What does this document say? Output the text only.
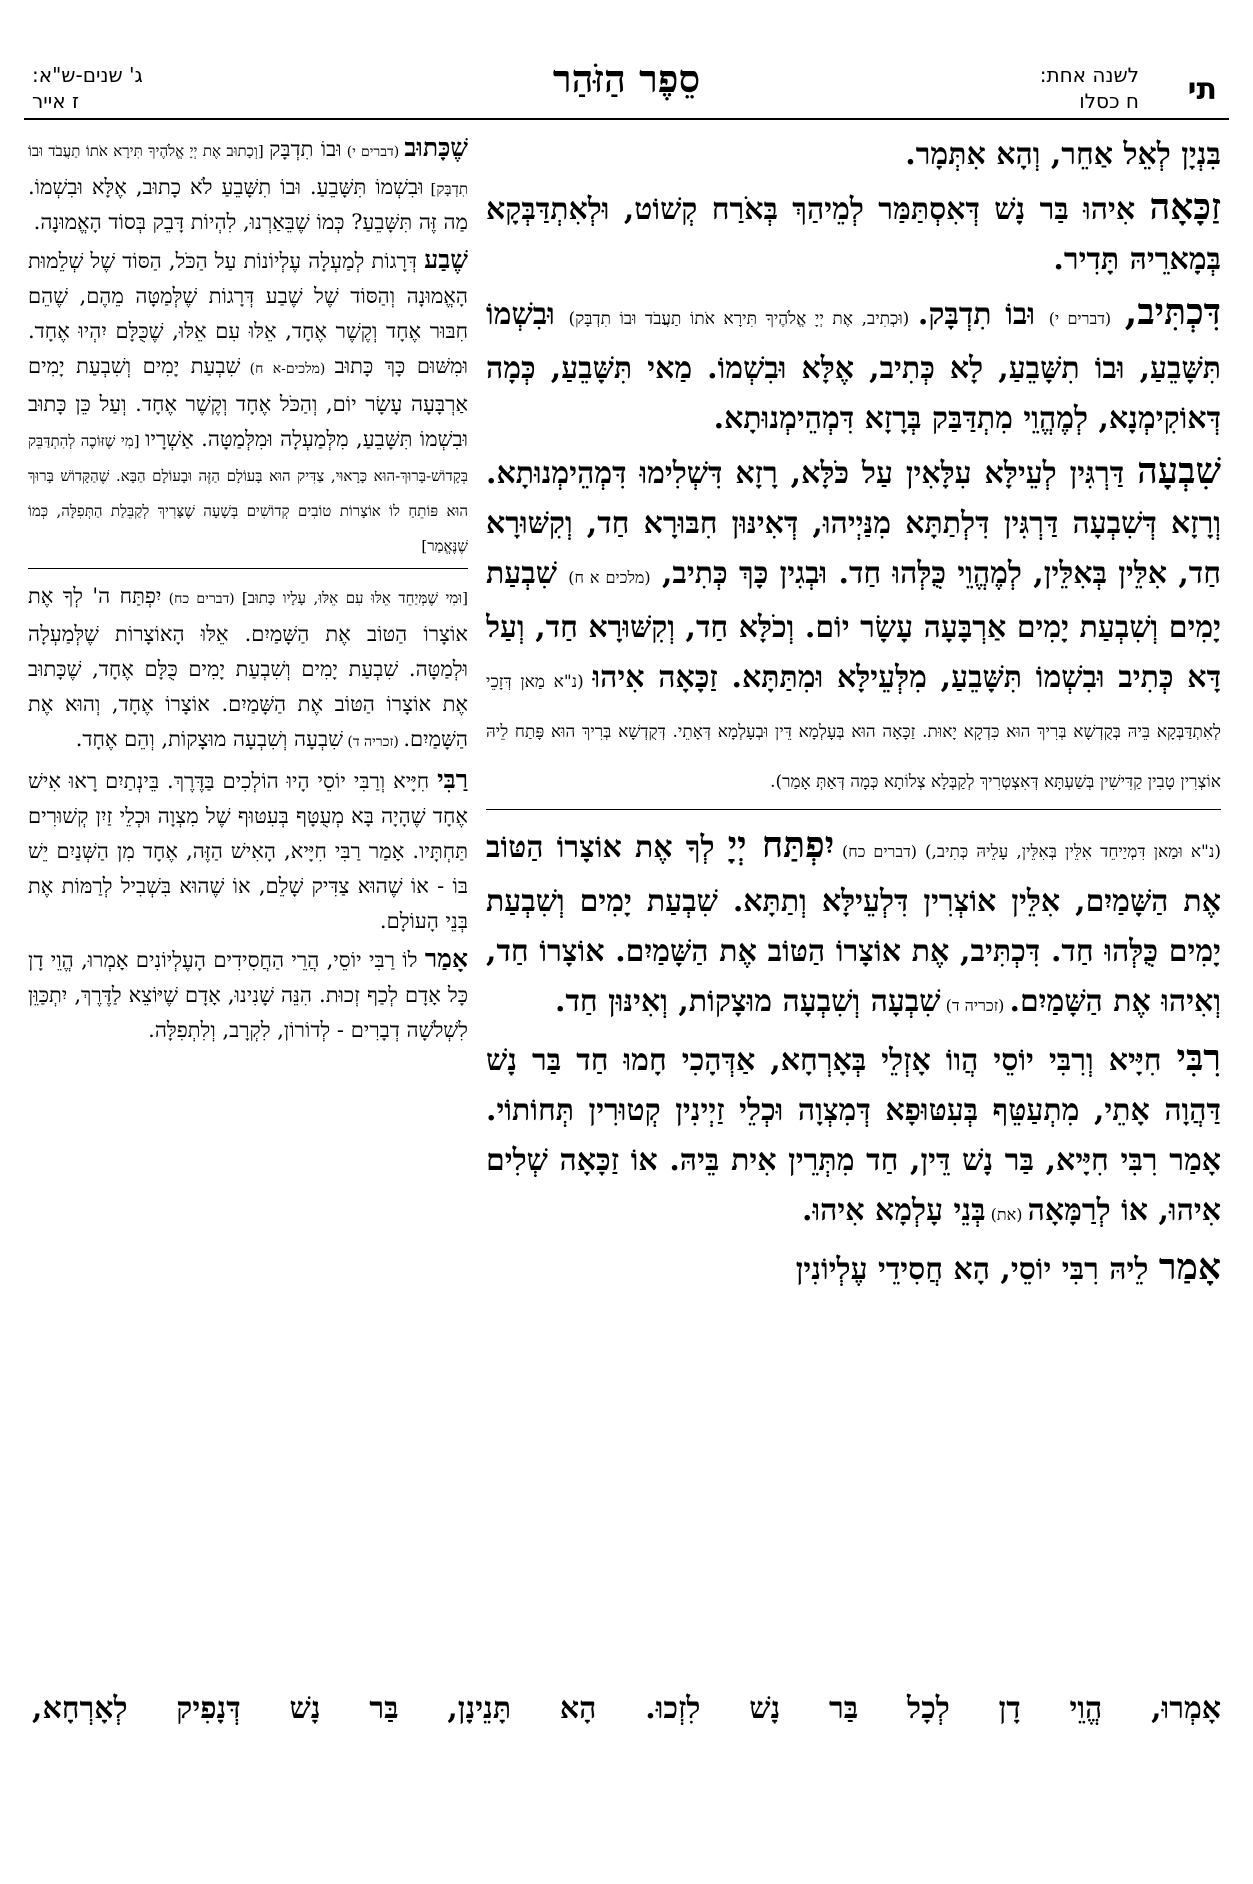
תי
לשנה אחת:
ח כסלו
סֵפֶר הַזֹּהַר
ג' שנים-ש"א:
ז אייר

בִּנְיָן לְאֵל אַחֵר, וְהָא אִתְּמָר.

זַכָּאָה אִיהוּ בַּר נָשׁ דְּאִסְתַּמַּר לְמֵיהַךְ בְּאֹרַח קְשׁוֹט, וּלְאִתְדַּבְּקָא בְּמָארֵיהּ תָּדִיר.

דִּכְתִּיב, (דברים י) וּבוֹ תִדְבָּק. (וּכְתִיב, אֶת יְיָ אֱלֹהֶיךָ תִּירָא אֹתוֹ תַעֲבֹד וּבוֹ תִדְבָּק) וּבִשְׁמוֹ תִּשָּׁבֵעַ, וּבוֹ תִשָּׁבֵעַ, לָא כְּתִיב, אֶלָּא וּבִשְׁמוֹ. מַאי תִּשָּׁבֵעַ, כְּמָה דְּאוֹקִימְנָא, לְמֶהֱוֵי מִתְדַּבַּק בְּרָזָא דִּמְהֵימְנוּתָא.

שִׁבְעָה דַּרְגִּין לְעֵילָּא עִלָּאִין עַל כֹּלָּא, רָזָא דִּשְׁלִימוּ דִּמְהֵימְנוּתָא. וְרָזָא דְּשִׁבְעָה דַּרְגִּין דִּלְתַתָּא מִנַּיְיהוּ, דְּאִינּוּן חִבּוּרָא חַד, וְקִשּׁוּרָא חַד, אִלֵּין בְּאִלֵּין, לְמֶהֱוֵי כֻּלְּהוּ חַד. וּבְגִין כָּךְ כְּתִיב, (מלכים א ח) שִׁבְעַת יָמִים וְשִׁבְעַת יָמִים אַרְבָּעָה עָשָׂר יוֹם. וְכֹלָּא חַד, וְקִשּׁוּרָא חַד, וְעַל דָּא כְּתִיב וּבִשְׁמוֹ תִּשָּׁבֵעַ, מִלְּעֵילָּא וּמִתַּתָּא. זַכָּאָה אִיהוּ (נ"א מַאן דְּזָכֵי לְאִתְדַּבְּקָא בֵּיהּ בְּקֻדְשָׁא בְּרִיךְ הוּא כִּדְקָא יָאוּת. זַכָּאָה הוּא בְּעָלְמָא דֵּין וּבְעָלְמָא דְּאָתֵי. דְּקֻדְשָׁא בְּרִיךְ הוּא פָּתַח לֵיהּ אוֹצְרִין טָבִין קַדִּישִׁין בְּשַׁעְתָּא דְּאִצְטְרִיךְ לְקַבְּלָא צְלוֹתָא כְּמָה דְּאַתְּ אָמַר).

(נ"א וּמַאן דִּמְיַיחֵד אִלֵּין בְּאִלֵּין, עָלֵיהּ כְּתִיב,) (דברים כח) יִפְתַּח יְיָ לְךָ אֶת אוֹצָרוֹ הַטּוֹב אֶת הַשָּׁמַיִם, אִלֵּין אוֹצְרִין דִּלְעֵילָּא וְתַתָּא. שִׁבְעַת יָמִים וְשִׁבְעַת יָמִים כֻּלְּהוּ חַד. דִּכְתִּיב, אֶת אוֹצָרוֹ הַטּוֹב אֶת הַשָּׁמַיִם. אוֹצָרוֹ חַד, וְאִיהוּ אֶת הַשָּׁמַיִם. (זכריה ד) שִׁבְעָה וְשִׁבְעָה מוּצָקוֹת, וְאִינּוּן חַד.

רִבִּי חִיָּיא וְרִבִּי יוֹסֵי הֲווֹ אָזְלֵי בְּאָרְחָא, אַדְּהָכִי חָמוּ חַד בַּר נָשׁ דַּהֲוָה אָתֵי, מִתְעַטֵּף בְּעִטּוּפָא דְּמִצְוָה וּכְלֵי זַיְינִין קְטוּרִין תְּחוֹתוֹי. אָמַר רִבִּי חִיָּיא, בַּר נָשׁ דֵּין, חַד מִתְּרֵין אִית בֵּיהּ. אוֹ זַכָּאָה שְׁלִים אִיהוּ, אוֹ לְרַמָּאָה (את) בְּנֵי עָלְמָא אִיהוּ.

אָמַר לֵיהּ רִבִּי יוֹסֵי, הָא חֲסִידֵי עֶלְיוֹנִין

שֶׁכָּתוּב (דברים י) וּבוֹ תִדְבָּק [וְכָתוּב אֶת יְיָ אֱלֹהֶיךָ תִּירָא אֹתוֹ תַעֲבֹד וּבוֹ תִדְבָּק] וּבִשְׁמוֹ תִּשָּׁבֵעַ. וּבוֹ תִשָּׁבֵעַ לֹא כָתוּב, אֶלָּא וּבִשְׁמוֹ. מַה זֶּה תִּשָּׁבֵעַ? כְּמוֹ שֶׁבֵּאַרְנוּ, לִהְיוֹת דָּבֵק בְּסוֹד הָאֱמוּנָה.

שֶׁבַע דְּרָגוֹת לְמַעְלָה עֶלְיוֹנוֹת עַל הַכֹּל, הַסּוֹד שֶׁל שְׁלֵמוּת הָאֱמוּנָה וְהַסּוֹד שֶׁל שֶׁבַע דְּרָגוֹת שֶׁלְּמַטָּה מֵהֶם, שֶׁהֵם חִבּוּר אֶחָד וְקֶשֶׁר אֶחָד, אֵלּוּ עִם אֵלּוּ, שֶׁכֻּלָּם יִהְיוּ אֶחָד. וּמִשּׁוּם כָּךְ כָּתוּב (מלכים-א ח) שִׁבְעַת יָמִים וְשִׁבְעַת יָמִים אַרְבָּעָה עָשָׂר יוֹם, וְהַכֹּל אֶחָד וְקֶשֶׁר אֶחָד. וְעַל כֵּן כָּתוּב וּבִשְׁמוֹ תִּשָּׁבֵעַ, מִלְּמַעְלָה וּמִלְּמַטָּה. אַשְׁרָיו [מִי שֶׁזּוֹכֶה לְהִתְדַּבֵּק בְּקָדוֹשׁ-בָּרוּךְ-הוּא כָּרָאוּי, צַדִּיק הוּא בָּעוֹלָם הַזֶּה וּבָעוֹלָם הַבָּא. שֶׁהַקָּדוֹשׁ בָּרוּךְ הוּא פּוֹתֵחַ לוֹ אוֹצָרוֹת טוֹבִים קְדוֹשִׁים בְּשָׁעָה שֶׁצָּרִיךְ לְקַבֵּלַת הַתְּפִלָּה, כְּמוֹ שֶׁנֶּאֱמַר]

[וּמִי שֶׁמְּיַחֵד אֵלּוּ עִם אֵלּוּ, עָלָיו כָּתוּב] (דברים כח) יִפְתַּח ה' לְךָ אֶת אוֹצָרוֹ הַטּוֹב אֶת הַשָּׁמַיִם. אֵלּוּ הָאוֹצָרוֹת שֶׁלְּמַעְלָה וּלְמַטָּה. שִׁבְעַת יָמִים וְשִׁבְעַת יָמִים כֻּלָּם אֶחָד, שֶׁכָּתוּב אֶת אוֹצָרוֹ הַטּוֹב אֶת הַשָּׁמַיִם. אוֹצָרוֹ אֶחָד, וְהוּא אֶת הַשָּׁמַיִם. (זכריה ד) שִׁבְעָה וְשִׁבְעָה מוּצָקוֹת, וְהֵם אֶחָד.

רַבִּי חִיָּיא וְרַבִּי יוֹסֵי הָיוּ הוֹלְכִים בַּדֶּרֶךְ. בֵּינְתַיִם רָאוּ אִישׁ אֶחָד שֶׁהָיָה בָּא מְעֻטָּף בְּעִטּוּף שֶׁל מִצְוָה וּכְלֵי זַיִן קְשׁוּרִים תַּחְתָּיו. אָמַר רַבִּי חִיָּיא, הָאִישׁ הַזֶּה, אֶחָד מִן הַשְּׁנַיִם יֵשׁ בּוֹ - אוֹ שֶׁהוּא צַדִּיק שָׁלֵם, אוֹ שֶׁהוּא בִּשְׁבִיל לְרַמּוֹת אֶת בְּנֵי הָעוֹלָם.

אָמַר לוֹ רַבִּי יוֹסֵי, הֲרֵי הַחֲסִידִים הָעֶלְיוֹנִים אָמְרוּ, הֱוֵי דָן כָּל אָדָם לְכַף זְכוּת. הִנֵּה שָׁנִינוּ, אָדָם שֶׁיּוֹצֵא לַדֶּרֶךְ, יִתְכַּוֵּן לִשְׁלֹשָׁה דְבָרִים - לְדוֹרוֹן, לִקְרָב, וְלִתְפִלָּה.

אָמְרוּ, הֱוֵי דָן לְכָל בַּר נָשׁ לִזְכוּ. הָא תָּנֵינָן, בַּר נָשׁ דְּנָפִיק לְאָרְחָא,
